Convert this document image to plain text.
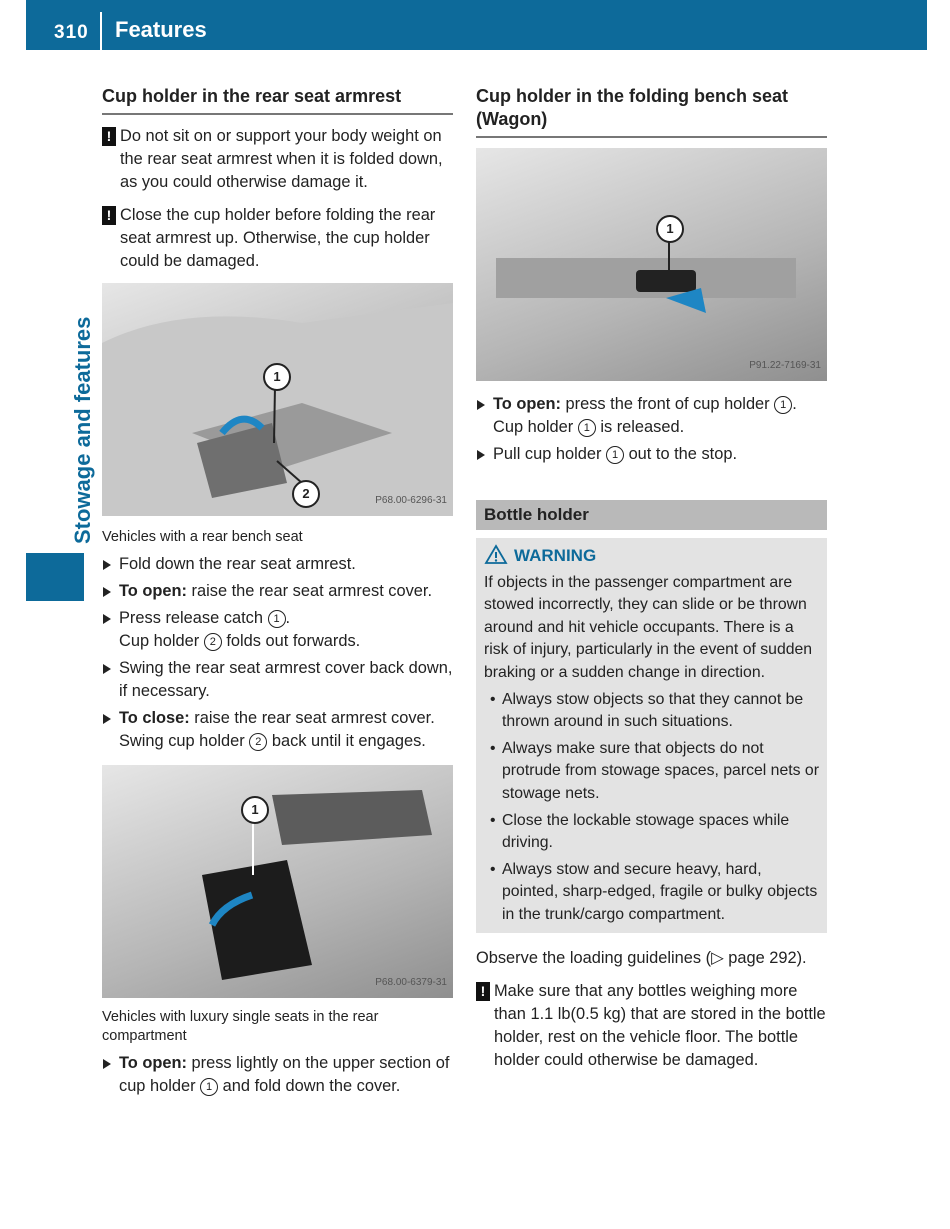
310 Features
Stowage and features
Cup holder in the rear seat armrest

! Do not sit on or support your body weight on the rear seat armrest when it is folded down, as you could otherwise damage it.

! Close the cup holder before folding the rear seat armrest up. Otherwise, the cup holder could be damaged.

1
2	P68.00-6296-31

Vehicles with a rear bench seat

Fold down the rear seat armrest.

To open: raise the rear seat armrest cover.

Press release catch 1 .
Cup holder 2 folds out forwards.

Swing the rear seat armrest cover back down, if necessary.

To close: raise the rear seat armrest cover.
Swing cup holder 2 back until it engages.

1
P68.00-6379-31

Vehicles with luxury single seats in the rear compartment

To open: press lightly on the upper section of cup holder 1 and fold down the cover.

Cup holder in the folding bench seat (Wagon)
1
P91.22-7169-31

To open: press the front of cup holder 1 .
Cup holder 1 is released.

Pull cup holder 1 out to the stop.

Bottle holder
WARNING
If objects in the passenger compartment are stowed incorrectly, they can slide or be thrown around and hit vehicle occupants. There is a risk of injury, particularly in the event of sudden braking or a sudden change in direction.

• Always stow objects so that they cannot be thrown around in such situations.

• Always make sure that objects do not protrude from stowage spaces, parcel nets or stowage nets.

• Close the lockable stowage spaces while driving.

• Always stow and secure heavy, hard, pointed, sharp-edged, fragile or bulky objects in the trunk/cargo compartment.

Observe the loading guidelines (▷ page 292).

! Make sure that any bottles weighing more than 1.1 lb(0.5 kg) that are stored in the bottle holder, rest on the vehicle floor. The bottle holder could otherwise be damaged.
